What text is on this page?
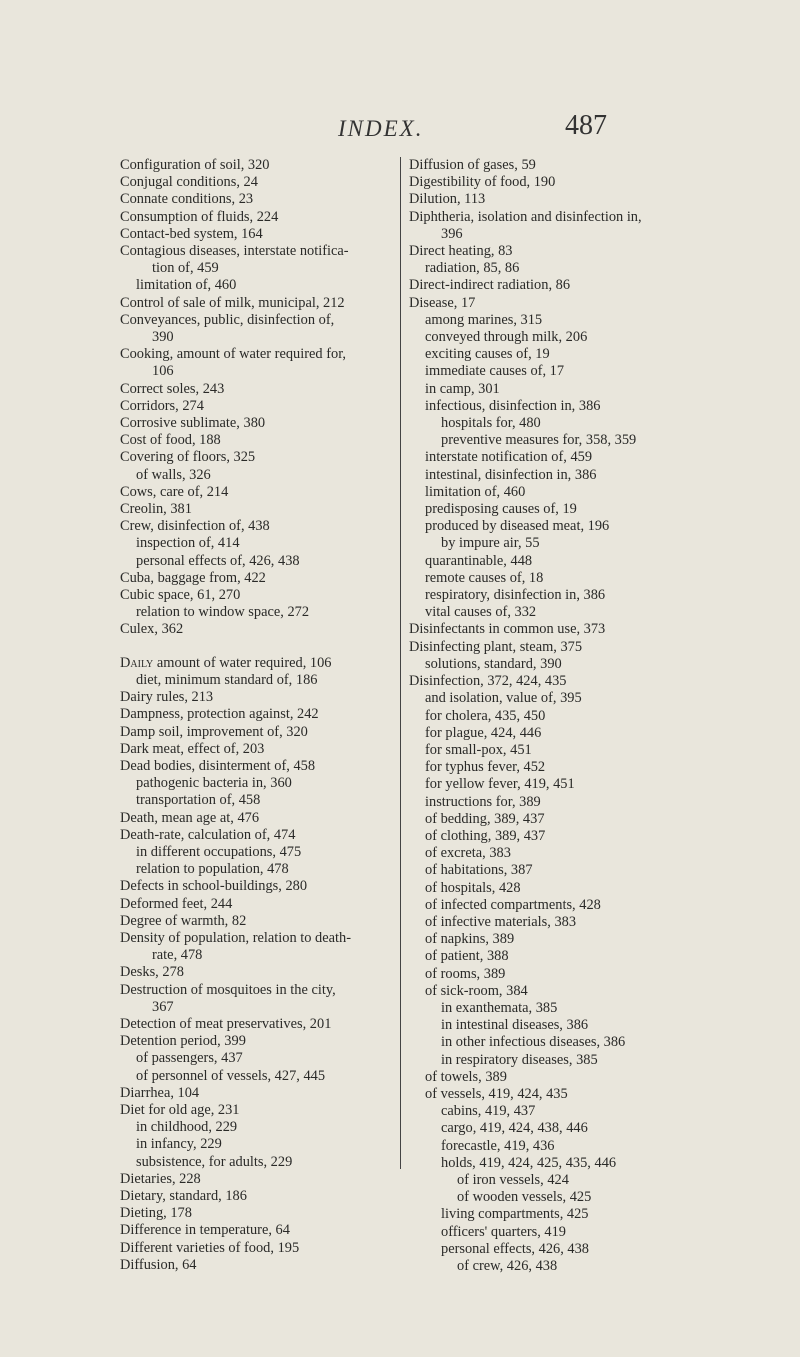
INDEX.	487
Configuration of soil, 320
Conjugal conditions, 24
Connate conditions, 23
Consumption of fluids, 224
Contact-bed system, 164
Contagious diseases, interstate notifica-
tion of, 459
limitation of, 460
Control of sale of milk, municipal, 212
Conveyances, public, disinfection of,
390
Cooking, amount of water required for,
106
Correct soles, 243
Corridors, 274
Corrosive sublimate, 380
Cost of food, 188
Covering of floors, 325
of walls, 326
Cows, care of, 214
Creolin, 381
Crew, disinfection of, 438
inspection of, 414
personal effects of, 426, 438
Cuba, baggage from, 422
Cubic space, 61, 270
relation to window space, 272
Culex, 362
Daily amount of water required, 106
diet, minimum standard of, 186
Dairy rules, 213
Dampness, protection against, 242
Damp soil, improvement of, 320
Dark meat, effect of, 203
Dead bodies, disinterment of, 458
pathogenic bacteria in, 360
transportation of, 458
Death, mean age at, 476
Death-rate, calculation of, 474
in different occupations, 475
relation to population, 478
Defects in school-buildings, 280
Deformed feet, 244
Degree of warmth, 82
Density of population, relation to death-
rate, 478
Desks, 278
Destruction of mosquitoes in the city,
367
Detection of meat preservatives, 201
Detention period, 399
of passengers, 437
of personnel of vessels, 427, 445
Diarrhea, 104
Diet for old age, 231
in childhood, 229
in infancy, 229
subsistence, for adults, 229
Dietaries, 228
Dietary, standard, 186
Dieting, 178
Difference in temperature, 64
Different varieties of food, 195
Diffusion, 64
Diffusion of gases, 59
Digestibility of food, 190
Dilution, 113
Diphtheria, isolation and disinfection in,
396
Direct heating, 83
radiation, 85, 86
Direct-indirect radiation, 86
Disease, 17
among marines, 315
conveyed through milk, 206
exciting causes of, 19
immediate causes of, 17
in camp, 301
infectious, disinfection in, 386
hospitals for, 480
preventive measures for, 358, 359
interstate notification of, 459
intestinal, disinfection in, 386
limitation of, 460
predisposing causes of, 19
produced by diseased meat, 196
by impure air, 55
quarantinable, 448
remote causes of, 18
respiratory, disinfection in, 386
vital causes of, 332
Disinfectants in common use, 373
Disinfecting plant, steam, 375
solutions, standard, 390
Disinfection, 372, 424, 435
and isolation, value of, 395
for cholera, 435, 450
for plague, 424, 446
for small-pox, 451
for typhus fever, 452
for yellow fever, 419, 451
instructions for, 389
of bedding, 389, 437
of clothing, 389, 437
of excreta, 383
of habitations, 387
of hospitals, 428
of infected compartments, 428
of infective materials, 383
of napkins, 389
of patient, 388
of rooms, 389
of sick-room, 384
in exanthemata, 385
in intestinal diseases, 386
in other infectious diseases, 386
in respiratory diseases, 385
of towels, 389
of vessels, 419, 424, 435
cabins, 419, 437
cargo, 419, 424, 438, 446
forecastle, 419, 436
holds, 419, 424, 425, 435, 446
of iron vessels, 424
of wooden vessels, 425
living compartments, 425
officers' quarters, 419
personal effects, 426, 438
of crew, 426, 438
